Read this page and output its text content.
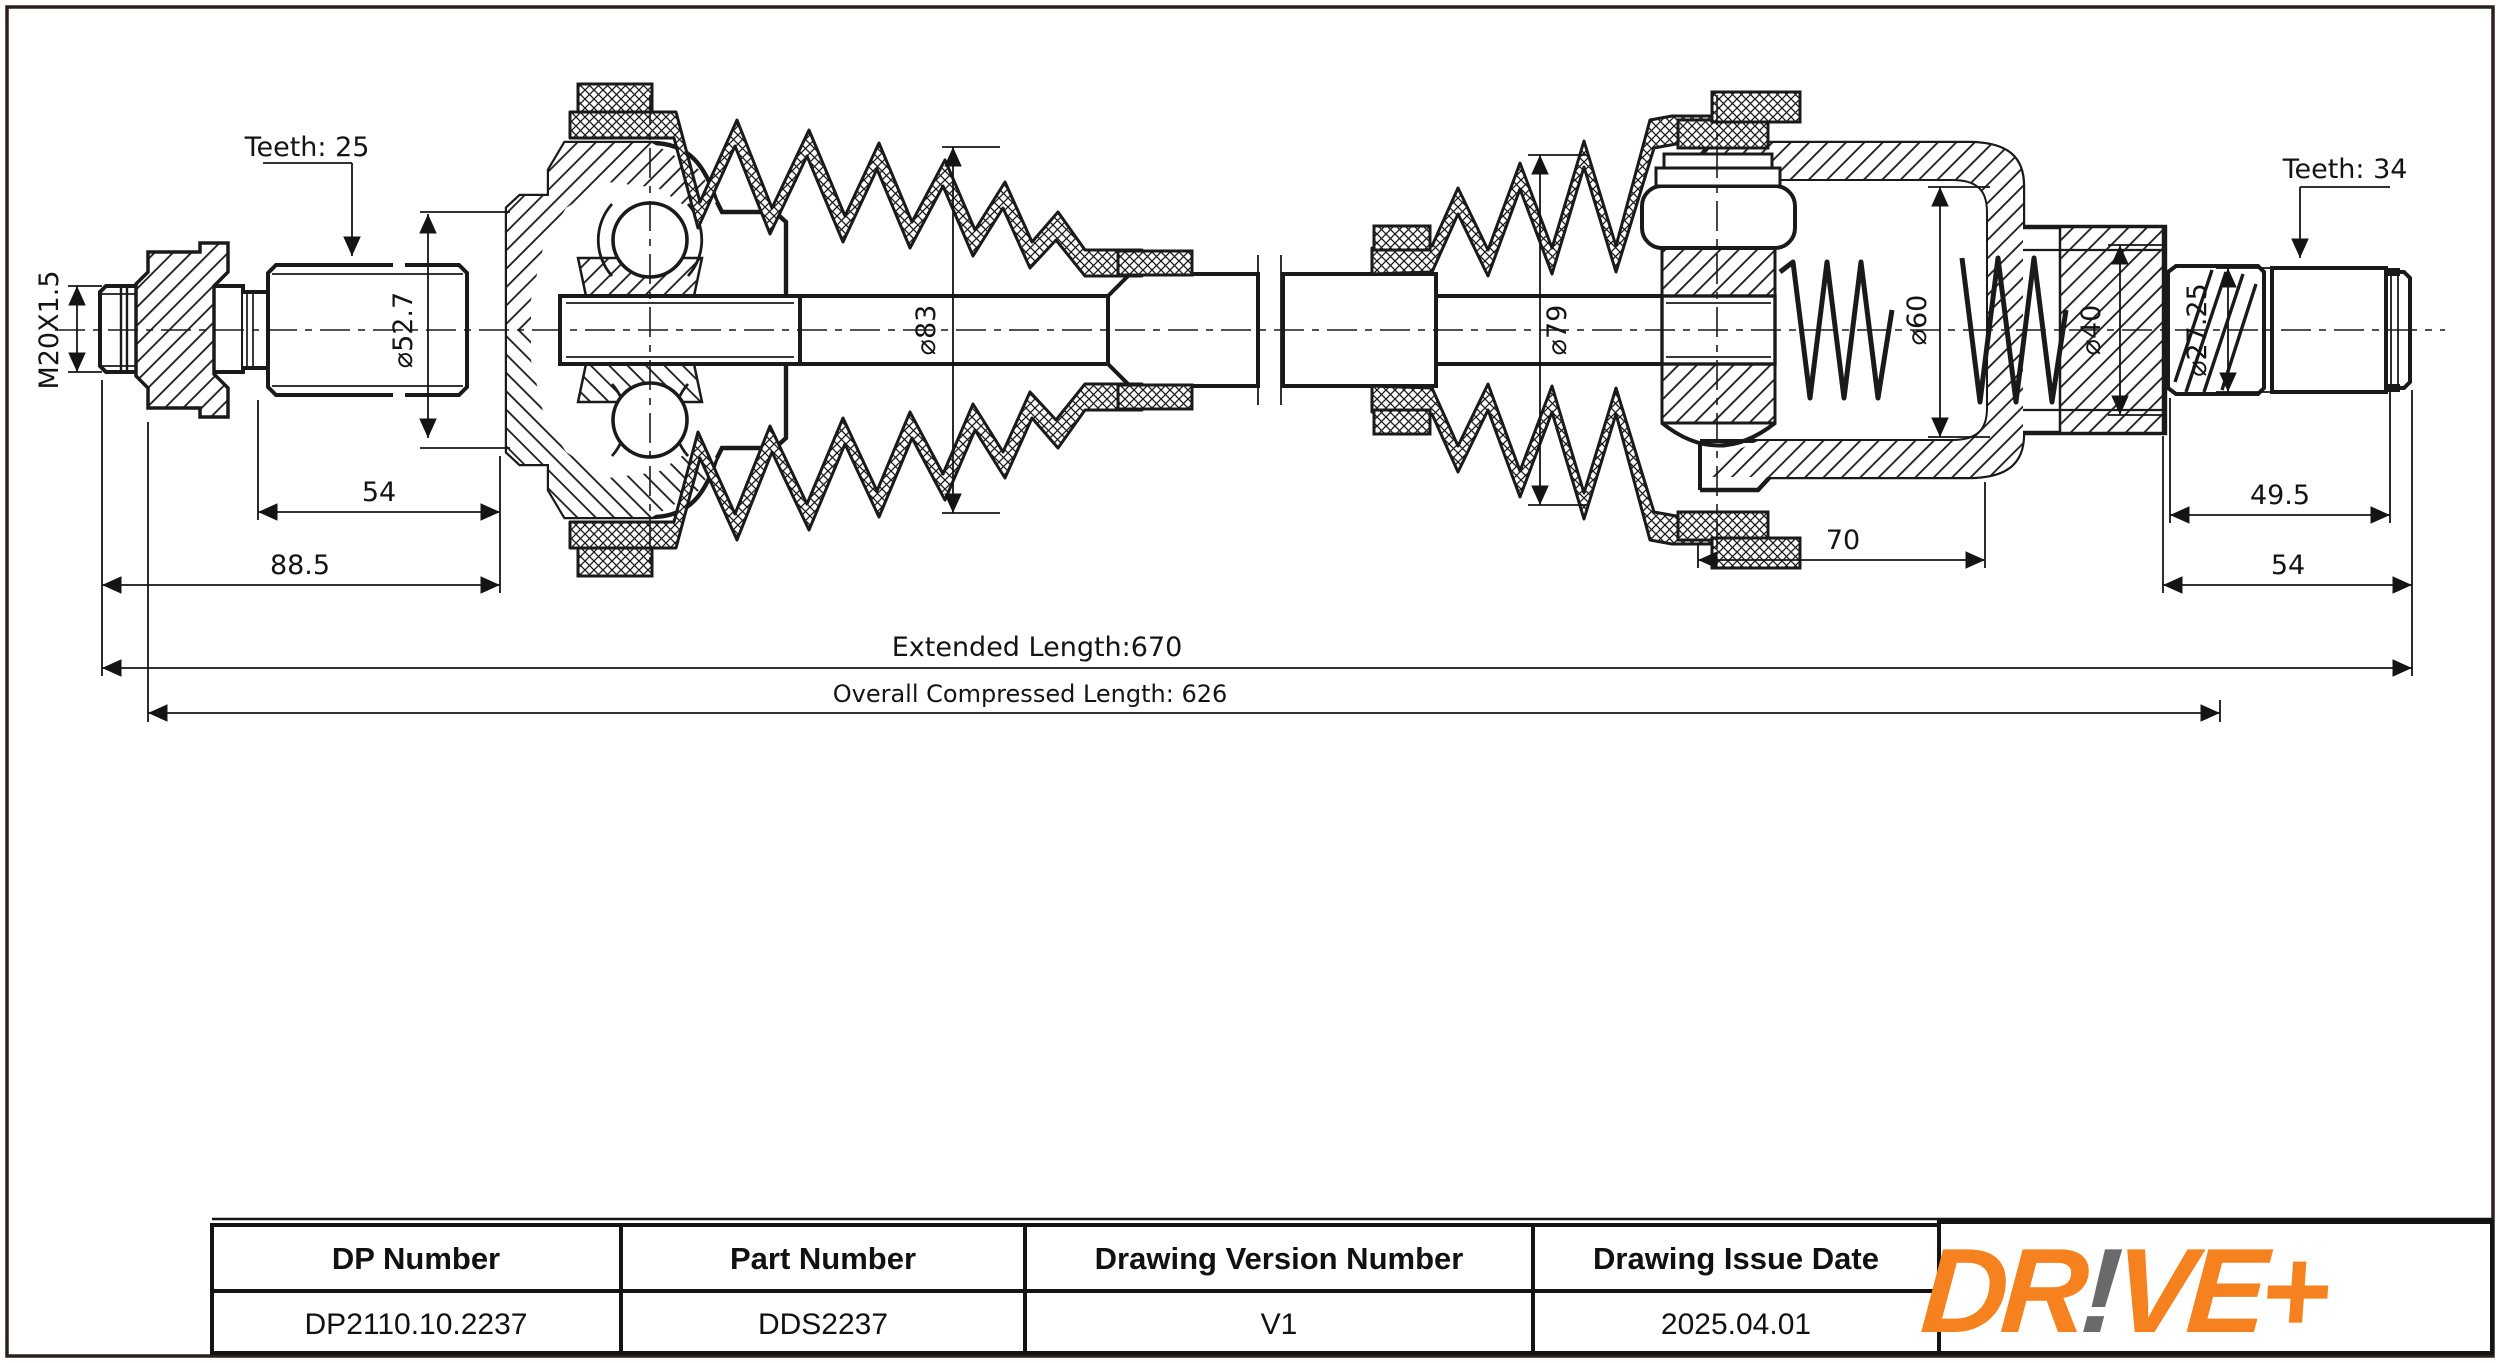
Teeth: 25
M20X1.5	⌀52.7	⌀83	⌀79	⌀60	⌀40	⌀27.25
Teeth: 34
54
88.5
70
49.5
54
Extended Length:670
Overall Compressed Length: 626
DP Number	Part Number	Drawing Version Number	Drawing Issue Date
DP2110.10.2237	DDS2237	V1	2025.04.01 DR!VE+
